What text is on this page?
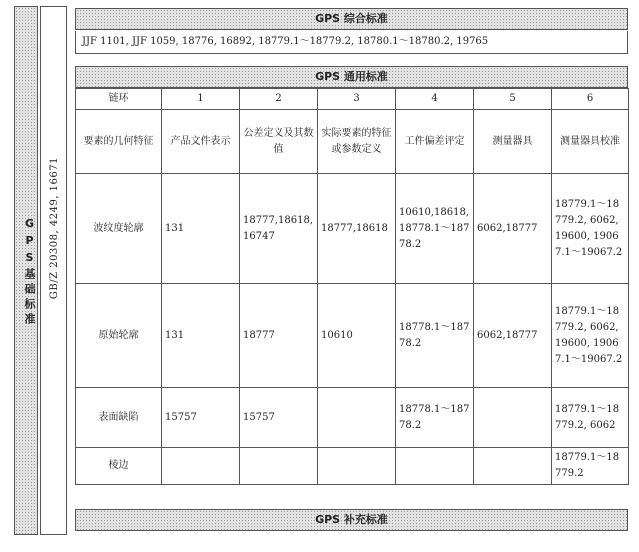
GPS基础标准	GB/Z 20308, 4249, 16671
GPS 综合标准
JJF 1101, JJF 1059, 18776, 16892, 18779.1～18779.2, 18780.1～18780.2, 19765
GPS 通用标准
链环	1	2	3	4	5	6
要素的几何特征	产品文件表示	公差定义及其数值	实际要素的特征或参数定义	工件偏差评定	测量器具	测量器具校准
波纹度轮廓	131	18777,18618,16747	18777,18618	10610,18618,18778.1～18778.2	6062,18777	18779.1～18779.2, 6062, 19600, 19067.1～19067.2
原始轮廓	131	18777	10610	18778.1～18778.2	6062,18777	18779.1～18779.2, 6062, 19600, 19067.1～19067.2
表面缺陷	15757	15757		18778.1～18778.2		18779.1～18779.2, 6062
棱边						18779.1～18779.2
GPS 补充标准
